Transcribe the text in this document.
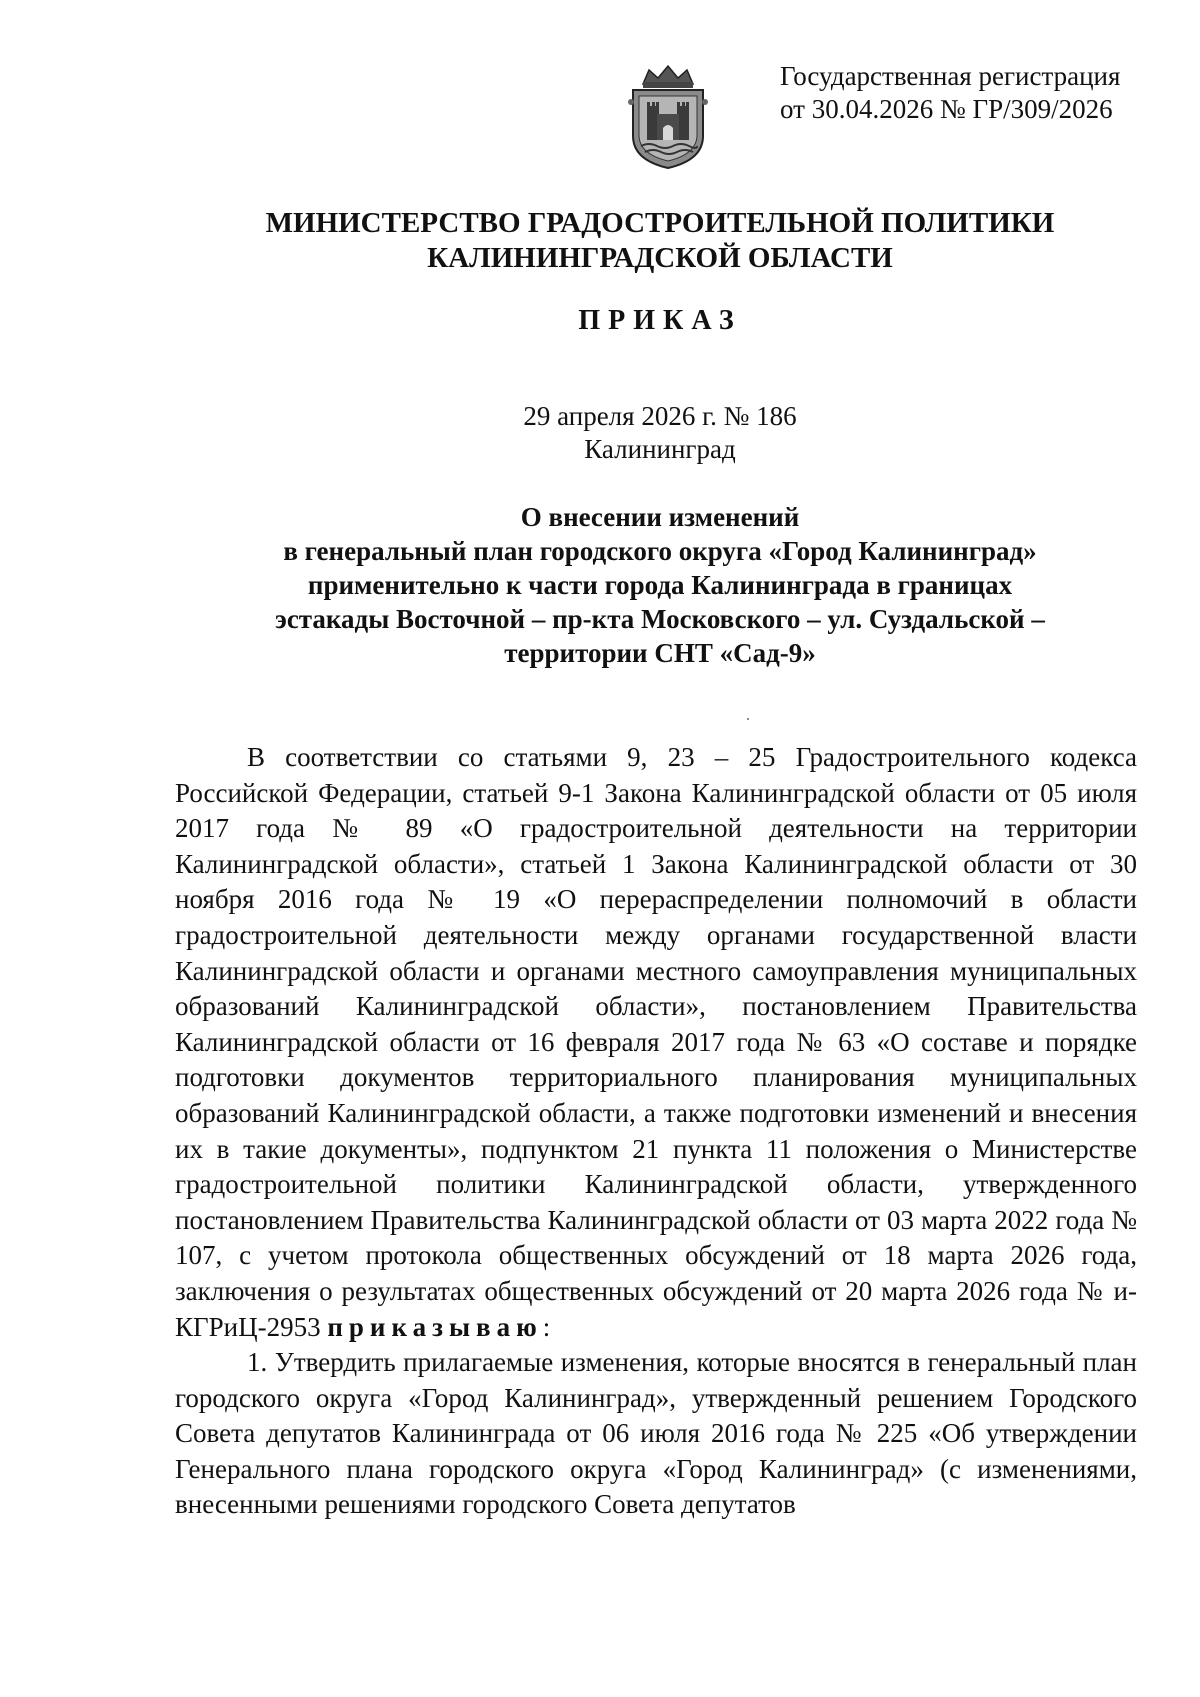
Государственная регистрация
от 30.04.2026 № ГР/309/2026
МИНИСТЕРСТВО ГРАДОСТРОИТЕЛЬНОЙ ПОЛИТИКИ
КАЛИНИНГРАДСКОЙ ОБЛАСТИ
ПРИКАЗ
29 апреля 2026 г. № 186
Калининград
О внесении изменений
в генеральный план городского округа «Город Калининград»
применительно к части города Калининграда в границах
эстакады Восточной – пр-кта Московского – ул. Суздальской –
территории СНТ «Сад-9»

В соответствии со статьями 9, 23 – 25 Градостроительного кодекса Российской Федерации, статьей 9-1 Закона Калининградской области от 05 июля 2017 года № 89 «О градостроительной деятельности на территории Калининградской области», статьей 1 Закона Калининградской области от 30 ноября 2016 года № 19 «О перераспределении полномочий в области градостроительной деятельности между органами государственной власти Калининградской области и органами местного самоуправления муниципальных образований Калининградской области», постановлением Правительства Калининградской области от 16 февраля 2017 года № 63 «О составе и порядке подготовки документов территориального планирования муниципальных образований Калининградской области, а также подготовки изменений и внесения их в такие документы», подпунктом 21 пункта 11 положения о Министерстве градостроительной политики Калининградской области, утвержденного постановлением Правительства Калининградской области от 03 марта 2022 года № 107, с учетом протокола общественных обсуждений от 18 марта 2026 года, заключения о результатах общественных обсуждений от 20 марта 2026 года № и-КГРиЦ-2953 приказываю:

1. Утвердить прилагаемые изменения, которые вносятся в генеральный план городского округа «Город Калининград», утвержденный решением Городского Совета депутатов Калининграда от 06 июля 2016 года № 225 «Об утверждении Генерального плана городского округа «Город Калининград» (с изменениями, внесенными решениями городского Совета депутатов
